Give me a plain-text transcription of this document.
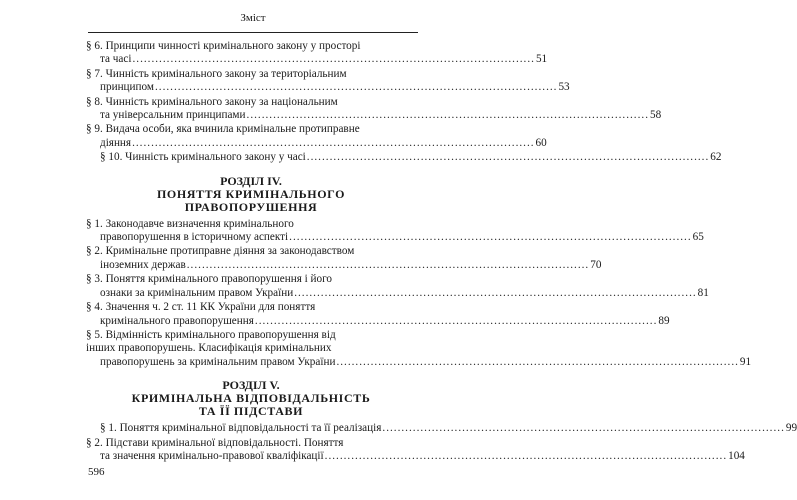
Зміст
§ 6. Принципи чинності кримінального закону у просторі
та часі .......................................................................................................... 51
§ 7. Чинність кримінального закону за територіальним
принципом .......................................................................................................... 53
§ 8. Чинність кримінального закону за національним
та універсальним принципами .......................................................................................................... 58
§ 9. Видача особи, яка вчинила кримінальне протиправне
діяння .......................................................................................................... 60
§ 10. Чинність кримінального закону у часі .......................................................................................................... 62
РОЗДІЛ IV.
ПОНЯТТЯ КРИМІНАЛЬНОГО
ПРАВОПОРУШЕННЯ
§ 1. Законодавче визначення кримінального
правопорушення в історичному аспекті .......................................................................................................... 65
§ 2. Кримінальне протиправне діяння за законодавством
іноземних держав .......................................................................................................... 70
§ 3. Поняття кримінального правопорушення і його
ознаки за кримінальним правом України .......................................................................................................... 81
§ 4. Значення ч. 2 ст. 11 КК України для поняття
кримінального правопорушення .......................................................................................................... 89
§ 5. Відмінність кримінального правопорушення від
інших правопорушень. Класифікація кримінальних
правопорушень за кримінальним правом України .......................................................................................................... 91
РОЗДІЛ V.
КРИМІНАЛЬНА ВІДПОВІДАЛЬНІСТЬ
ТА ЇЇ ПІДСТАВИ
§ 1. Поняття кримінальної відповідальності та її реалізація .......................................................................................................... 99
§ 2. Підстави кримінальної відповідальності. Поняття
та значення кримінально-правової кваліфікації .......................................................................................................... 104
596
